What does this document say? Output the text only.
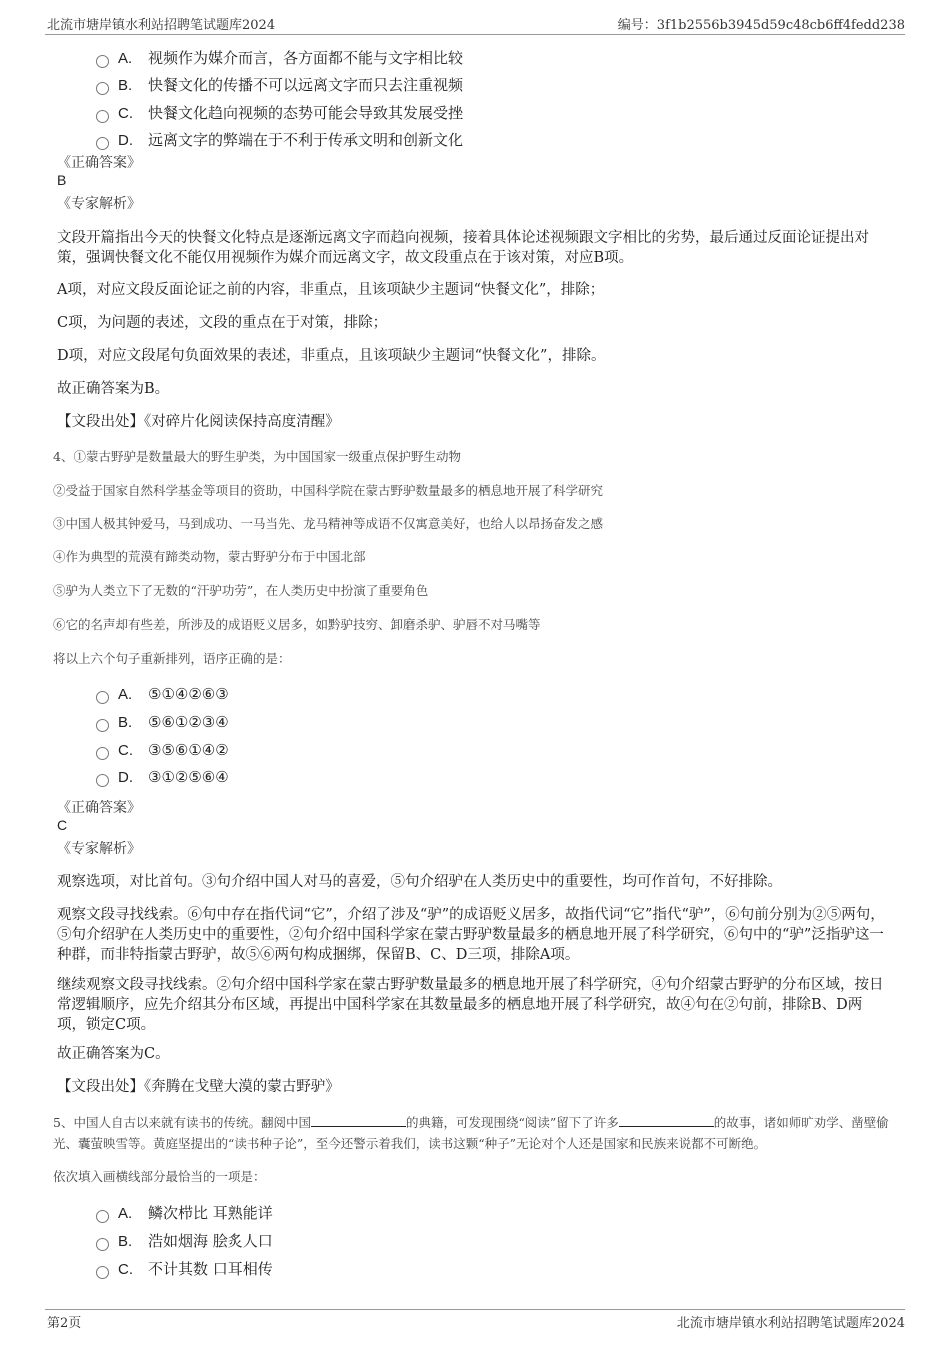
北流市塘岸镇水利站招聘笔试题库2024	编号：3f1b2556b3945d59c48cb6ff4fedd238
A . 视频作为媒介而言，各方面都不能与文字相比较
B . 快餐文化的传播不可以远离文字而只去注重视频
C . 快餐文化趋向视频的态势可能会导致其发展受挫
D . 远离文字的弊端在于不利于传承文明和创新文化
《正确答案》
B
《专家解析》
文段开篇指出今天的快餐文化特点是逐渐远离文字而趋向视频，接着具体论述视频跟文字相比的劣势，最后通过反面论证提出对策，强调快餐文化不能仅用视频作为媒介而远离文字，故文段重点在于该对策，对应B项。
A项，对应文段反面论证之前的内容，非重点，且该项缺少主题词“快餐文化”，排除；
C项，为问题的表述，文段的重点在于对策，排除；
D项，对应文段尾句负面效果的表述，非重点，且该项缺少主题词“快餐文化”，排除。
故正确答案为B。
【文段出处】《对碎片化阅读保持高度清醒》
4、①蒙古野驴是数量最大的野生驴类，为中国国家一级重点保护野生动物
②受益于国家自然科学基金等项目的资助，中国科学院在蒙古野驴数量最多的栖息地开展了科学研究
③中国人极其钟爱马，马到成功、一马当先、龙马精神等成语不仅寓意美好，也给人以昂扬奋发之感
④作为典型的荒漠有蹄类动物，蒙古野驴分布于中国北部
⑤驴为人类立下了无数的“汗驴功劳”，在人类历史中扮演了重要角色
⑥它的名声却有些差，所涉及的成语贬义居多，如黔驴技穷、卸磨杀驴、驴唇不对马嘴等
将以上六个句子重新排列，语序正确的是：
A . ⑤①④②⑥③
B . ⑤⑥①②③④
C . ③⑤⑥①④②
D . ③①②⑤⑥④
《正确答案》
C
《专家解析》
观察选项，对比首句。③句介绍中国人对马的喜爱，⑤句介绍驴在人类历史中的重要性，均可作首句，不好排除。
观察文段寻找线索。⑥句中存在指代词“它”，介绍了涉及“驴”的成语贬义居多，故指代词“它”指代“驴”，⑥句前分别为②⑤两句，⑤句介绍驴在人类历史中的重要性，②句介绍中国科学家在蒙古野驴数量最多的栖息地开展了科学研究，⑥句中的“驴”泛指驴这一种群，而非特指蒙古野驴，故⑤⑥两句构成捆绑，保留B、C、D三项，排除A项。
继续观察文段寻找线索。②句介绍中国科学家在蒙古野驴数量最多的栖息地开展了科学研究，④句介绍蒙古野驴的分布区域，按日常逻辑顺序，应先介绍其分布区域，再提出中国科学家在其数量最多的栖息地开展了科学研究，故④句在②句前，排除B、D两项，锁定C项。
故正确答案为C。
【文段出处】《奔腾在戈壁大漠的蒙古野驴》
5、中国人自古以来就有读书的传统。翻阅中国	的典籍，可发现围绕“阅读”留下了许多	的故事，诸如师旷劝学、凿壁偷光、囊萤映雪等。黄庭坚提出的“读书种子论”，至今还警示着我们，读书这颗“种子”无论对个人还是国家和民族来说都不可断绝。
依次填入画横线部分最恰当的一项是：
A . 鳞次栉比 耳熟能详
B . 浩如烟海 脍炙人口
C . 不计其数 口耳相传
第2页	北流市塘岸镇水利站招聘笔试题库2024
